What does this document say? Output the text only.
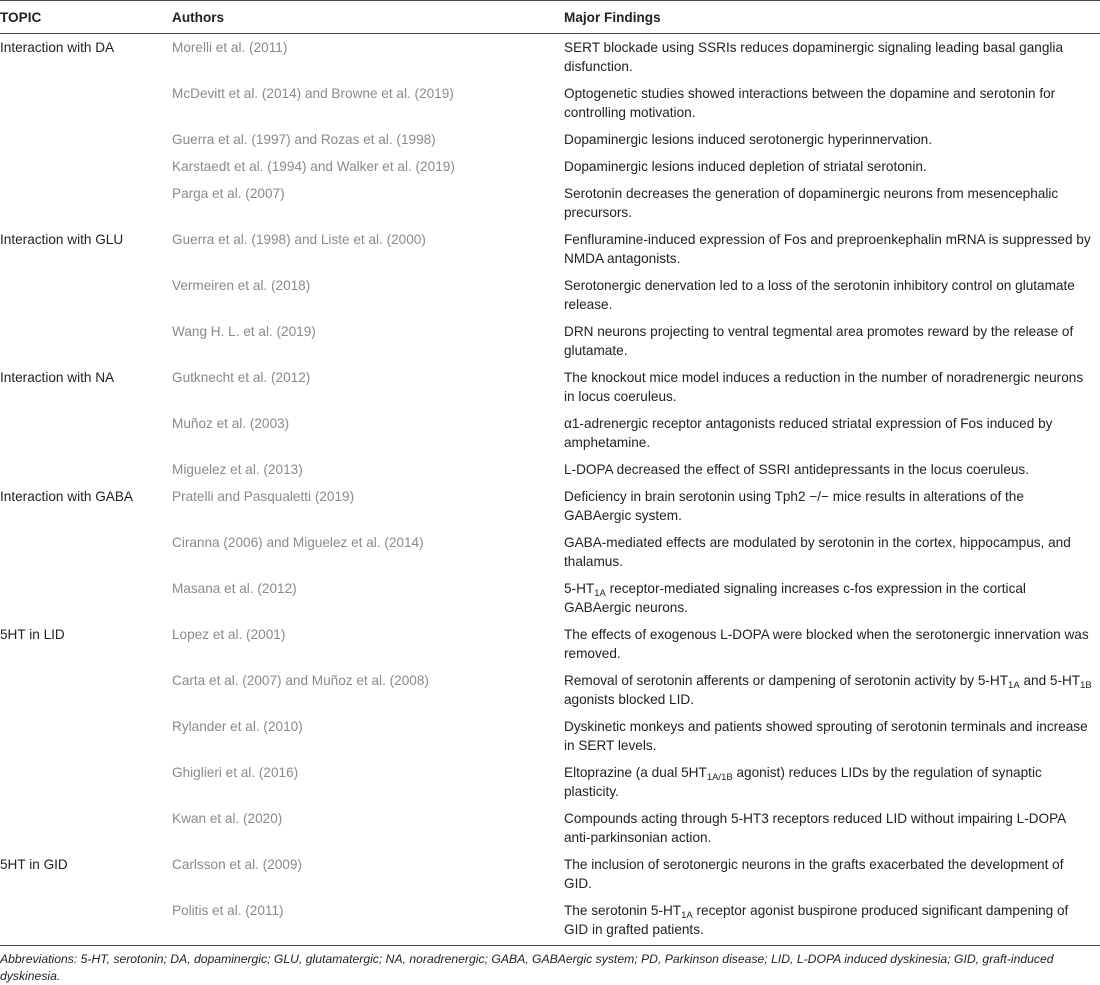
TOPIC	Authors	Major Findings
Interaction with DA	Morelli et al. (2011)	SERT blockade using SSRIs reduces dopaminergic signaling leading basal ganglia disfunction.
	McDevitt et al. (2014) and Browne et al. (2019)	Optogenetic studies showed interactions between the dopamine and serotonin for controlling motivation.
	Guerra et al. (1997) and Rozas et al. (1998)	Dopaminergic lesions induced serotonergic hyperinnervation.
	Karstaedt et al. (1994) and Walker et al. (2019)	Dopaminergic lesions induced depletion of striatal serotonin.
	Parga et al. (2007)	Serotonin decreases the generation of dopaminergic neurons from mesencephalic precursors.
Interaction with GLU	Guerra et al. (1998) and Liste et al. (2000)	Fenfluramine-induced expression of Fos and preproenkephalin mRNA is suppressed by NMDA antagonists.
	Vermeiren et al. (2018)	Serotonergic denervation led to a loss of the serotonin inhibitory control on glutamate release.
	Wang H. L. et al. (2019)	DRN neurons projecting to ventral tegmental area promotes reward by the release of glutamate.
Interaction with NA	Gutknecht et al. (2012)	The knockout mice model induces a reduction in the number of noradrenergic neurons in locus coeruleus.
	Muñoz et al. (2003)	α1-adrenergic receptor antagonists reduced striatal expression of Fos induced by amphetamine.
	Miguelez et al. (2013)	L-DOPA decreased the effect of SSRI antidepressants in the locus coeruleus.
Interaction with GABA	Pratelli and Pasqualetti (2019)	Deficiency in brain serotonin using Tph2 −/− mice results in alterations of the GABAergic system.
	Ciranna (2006) and Miguelez et al. (2014)	GABA-mediated effects are modulated by serotonin in the cortex, hippocampus, and thalamus.
	Masana et al. (2012)	$5-HT_{1A}$ receptor-mediated signaling increases c-fos expression in the cortical GABAergic neurons.
5HT in LID	Lopez et al. (2001)	The effects of exogenous L-DOPA were blocked when the serotonergic innervation was removed.
	Carta et al. (2007) and Muñoz et al. (2008)	Removal of serotonin afferents or dampening of serotonin activity by $5-HT_{1A}$ and $5-HT_{1B}$ agonists blocked LID.
	Rylander et al. (2010)	Dyskinetic monkeys and patients showed sprouting of serotonin terminals and increase in SERT levels.
	Ghiglieri et al. (2016)	Eltoprazine (a dual $5HT_{1A/1B}$ agonist) reduces LIDs by the regulation of synaptic plasticity.
	Kwan et al. (2020)	Compounds acting through 5-HT3 receptors reduced LID without impairing L-DOPA anti-parkinsonian action.
5HT in GID	Carlsson et al. (2009)	The inclusion of serotonergic neurons in the grafts exacerbated the development of GID.
	Politis et al. (2011)	The serotonin $5-HT_{1A}$ receptor agonist buspirone produced significant dampening of GID in grafted patients.
Abbreviations: 5-HT, serotonin; DA, dopaminergic; GLU, glutamatergic; NA, noradrenergic; GABA, GABAergic system; PD, Parkinson disease; LID, L-DOPA induced dyskinesia; GID, graft-induced dyskinesia.
